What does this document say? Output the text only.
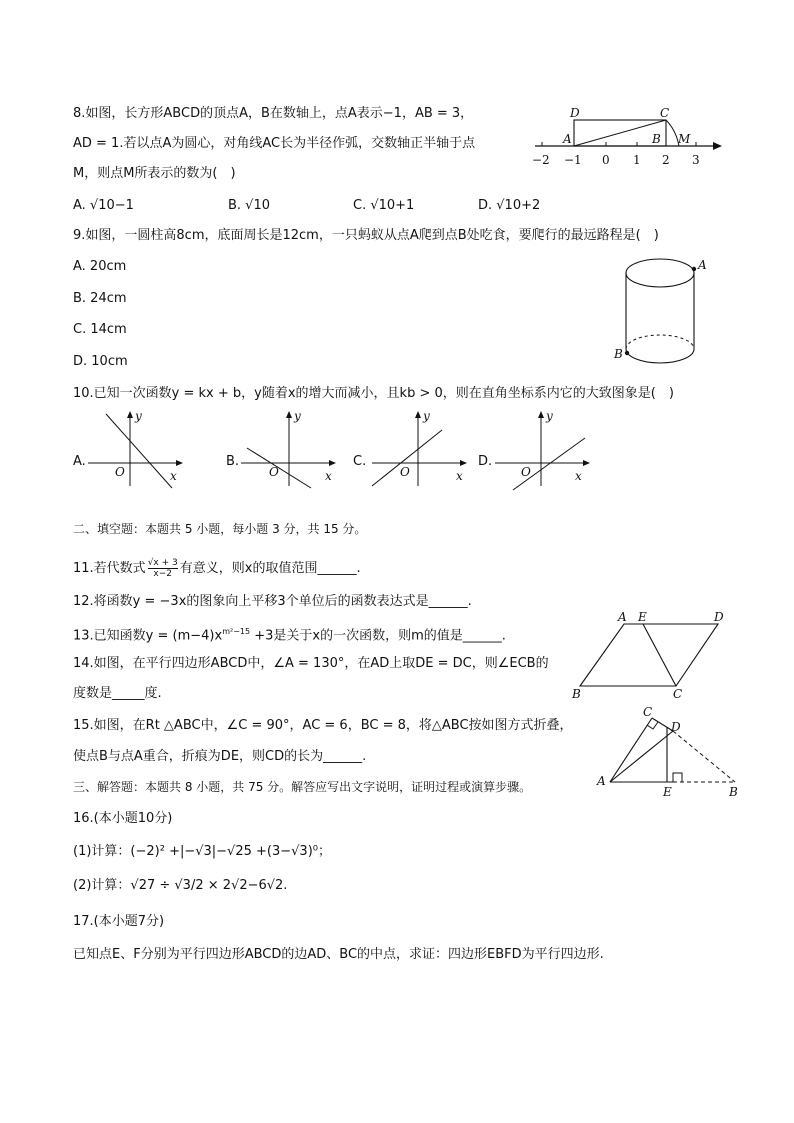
8.如图，长方形ABCD的顶点A，B在数轴上，点A表示−1，AB = 3，
AD = 1.若以点A为圆心，对角线AC长为半径作弧，交数轴正半轴于点
M，则点M所表示的数为(　)
A. √10−1	B. √10	C. √10+1	D. √10+2
D	C
A	B M
−2 −1 0 1 2 3
9.如图，一圆柱高8cm，底面周长是12cm，一只蚂蚁从点A爬到点B处吃食，要爬行的最远路程是(　)
A. 20cm
B. 24cm
C. 14cm
D. 10cm
A
B
10.已知一次函数y = kx + b，y随着x的增大而减小，且kb > 0，则在直角坐标系内它的大致图象是(　)
A.
y
x
O
B.
y
x
O
C.
y
x
O
D.
y
x
O
二、填空题：本题共 5 小题，每小题 3 分，共 15 分。
11.若代数式 $\frac{√x + 3}{x-2}$ 有意义，则x的取值范围______.
12.将函数y = −3x的图象向上平移3个单位后的函数表达式是______.
13.已知函数$y = (m-4)x^{m^2-15} +3$是关于x的一次函数，则m的值是______.
14.如图，在平行四边形ABCD中，∠A = 130°，在AD上取DE = DC，则∠ECB的
度数是_____度.
A E	D
B	C
15.如图，在Rt △ABC中，∠C = 90°，AC = 6，BC = 8，将△ABC按如图方式折叠，
使点B与点A重合，折痕为DE，则CD的长为______.
C
D
A
E	B
三、解答题：本题共 8 小题，共 75 分。解答应写出文字说明，证明过程或演算步骤。
16.(本小题10分)
(1)计算：(−2)² +|−√3|−√25 +(3−√3)⁰；
(2)计算：√27 ÷ √3/2 × 2√2−6√2.
17.(本小题7分)
已知点E、F分别为平行四边形ABCD的边AD、BC的中点，求证：四边形EBFD为平行四边形.
